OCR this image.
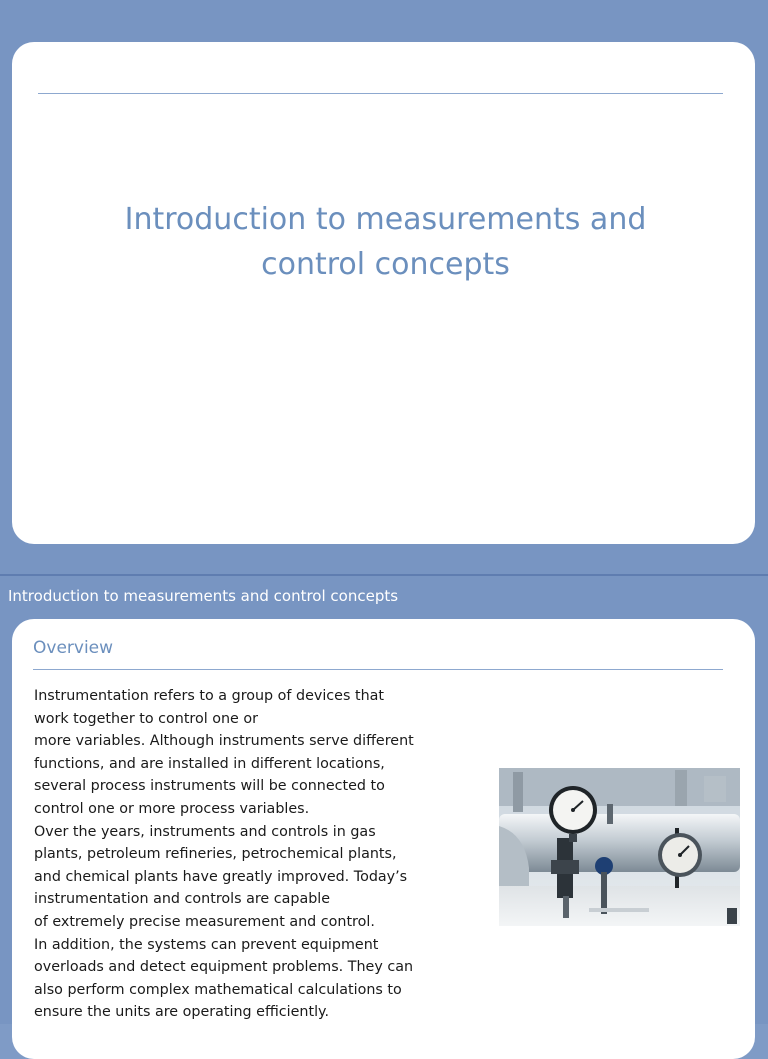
Introduction to measurements and
control concepts
Introduction to measurements and control concepts
Overview
Instrumentation refers to a group of devices that
work together to control one or
more variables. Although instruments serve different
functions, and are installed in different locations,
several process instruments will be connected to
control one or more process variables.
Over the years, instruments and controls in gas
plants, petroleum refineries, petrochemical plants,
and chemical plants have greatly improved. Today’s
instrumentation and controls are capable
of extremely precise measurement and control.
In addition, the systems can prevent equipment
overloads and detect equipment problems. They can
also perform complex mathematical calculations to
ensure the units are operating efficiently.
